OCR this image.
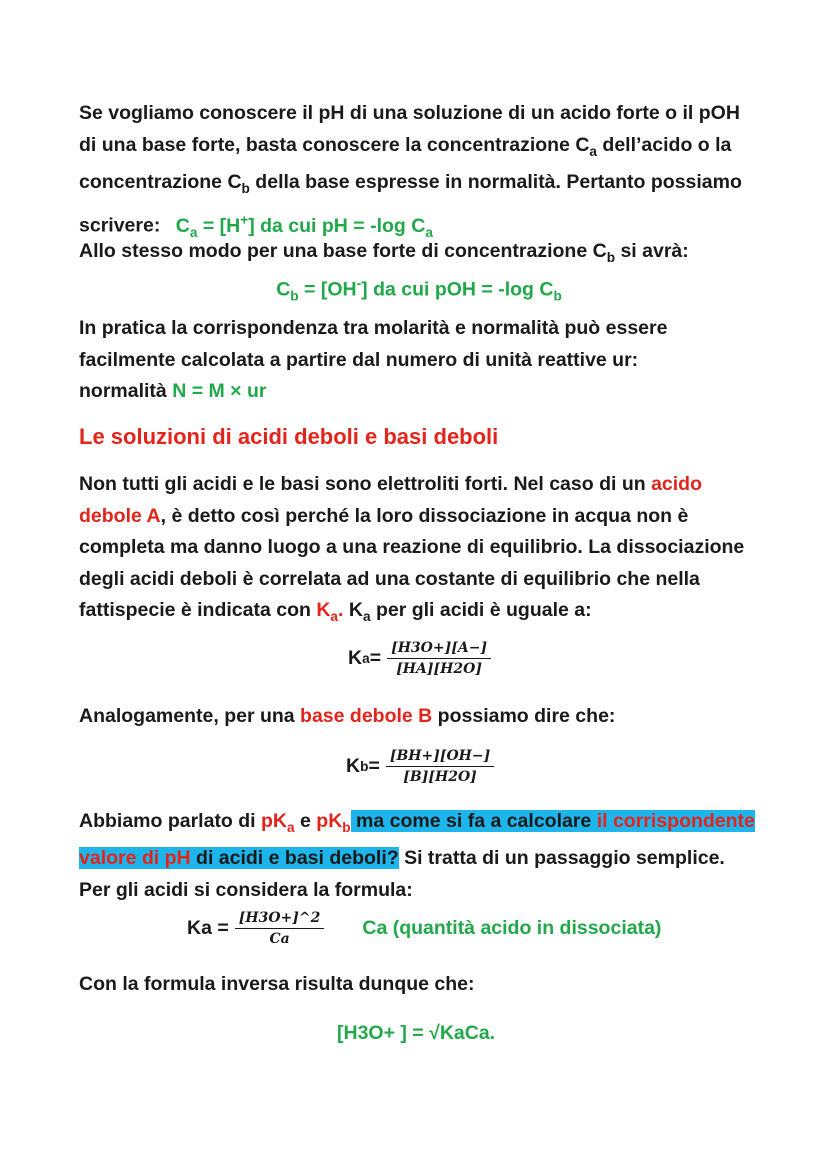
Se vogliamo conoscere il pH di una soluzione di un acido forte o il pOH
di una base forte, basta conoscere la concentrazione $C_a$ dell’acido o la
concentrazione $C_b$ della base espresse in normalità. Pertanto possiamo
scrivere: $C_a = [H^+]$ da cui pH = -log $C_a$

Allo stesso modo per una base forte di concentrazione $C_b$ si avrà:

$C_b = [OH^-]$ da cui pOH = -log $C_b$

In pratica la corrispondenza tra molarità e normalità può essere
facilmente calcolata a partire dal numero di unità reattive ur:
normalità N = M × ur

Le soluzioni di acidi deboli e basi deboli

Non tutti gli acidi e le basi sono elettroliti forti. Nel caso di un acido
debole A, è detto così perché la loro dissociazione in acqua non è
completa ma danno luogo a una reazione di equilibrio. La dissociazione
degli acidi deboli è correlata ad una costante di equilibrio che nella
fattispecie è indicata con $K_a$. $K_a$ per gli acidi è uguale a:

K $a = \frac{[H3O+][A-]}{[HA][H2O]}$

Analogamente, per una base debole B possiamo dire che:

K $b = \frac{[BH+][OH-]}{[B][H2O]}$

Abbiamo parlato di $pK_a$ e $pK_b$ ma come si fa a calcolare il corrispondente
valore di pH di acidi e basi deboli? Si tratta di un passaggio semplice.
Per gli acidi si considera la formula:

$Ka = \frac{[H3O+]\^{}2}{Ca}$ Ca (quantità acido in dissociata)

Con la formula inversa risulta dunque che:

[H3O+ ] = √KaCa.
